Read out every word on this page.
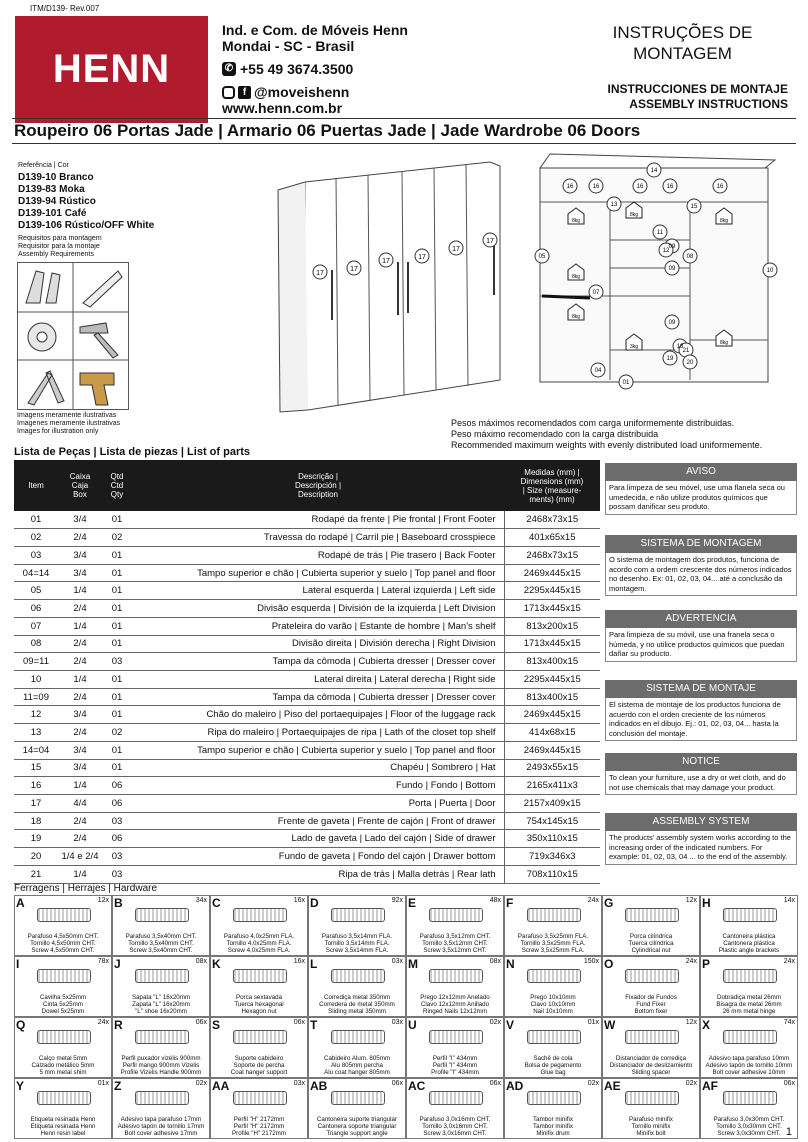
ITM/D139- Rev.007
HENN
Ind. e Com. de Móveis Henn
Mondai - SC - Brasil
✆ +55 49 3674.3500
f @moveishenn
www.henn.com.br
INSTRUÇÕES DE
MONTAGEM
INSTRUCCIONES DE MONTAJE
ASSEMBLY INSTRUCTIONS
Roupeiro 06 Portas Jade | Armario 06 Puertas Jade | Jade Wardrobe 06 Doors
Referência | Cor
D139-10 Branco
D139-83 Moka
D139-94 Rústico
D139-101 Café
D139-106 Rústico/OFF White
Requisitos para montagem
Requisitor para la montaje
Assembly Requirements
Imagens meramente ilustrativas
Imagenes meramente ilustrativas
Images for illustration only
17
17
17
17
17
17
14
16	16	16
16	16
13	15
05
07
09
09
09
08
10
04
01
18
19
21
11
12
20
8kg
8kg
8kg
8kg
8kg
8kg
3kg
Pesos máximos recomendados com carga uniformemente distribuidas.
Peso máximo recomendado con la carga distribuida
Recommended maximum weights with evenly distributed load uniformemente.
Lista de Peças | Lista de piezas | List of parts
Item	Caixa
Caja
Box	Qtd
Ctd
Qty	Descrição |
Descripción |
Description	Medidas (mm) |
Dimensions (mm)
| Size (measure-
ments) (mm)
01	3/4	01	Rodapé da frente | Pie frontal | Front Footer	2468x73x15
02	2/4	02	Travessa do rodapé | Carril pie | Baseboard crosspiece	401x65x15
03	3/4	01	Rodapé de trás | Pie trasero | Back Footer	2468x73x15
04=14	3/4	01	Tampo superior e chão | Cubierta superior y suelo | Top panel and floor	2469x445x15
05	1/4	01	Lateral esquerda | Lateral izquierda | Left side	2295x445x15
06	2/4	01	Divisão esquerda | División de la izquierda | Left Division	1713x445x15
07	1/4	01	Prateleira do varão | Estante de hombre | Man's shelf	813x200x15
08	2/4	01	Divisão direita | División derecha | Right Division	1713x445x15
09=11	2/4	03	Tampa da cômoda | Cubierta dresser | Dresser cover	813x400x15
10	1/4	01	Lateral direita | Lateral derecha | Right side	2295x445x15
11=09	2/4	01	Tampa da cômoda | Cubierta dresser | Dresser cover	813x400x15
12	3/4	01	Chão do maleiro | Piso del portaequipajes | Floor of the luggage rack	2469x445x15
13	2/4	02	Ripa do maleiro | Portaequipajes de ripa | Lath of the closet top shelf	414x68x15
14=04	3/4	01	Tampo superior e chão | Cubierta superior y suelo | Top panel and floor	2469x445x15
15	3/4	01	Chapéu | Sombrero | Hat	2493x55x15
16	1/4	06	Fundo | Fondo | Bottom	2165x411x3
17	4/4	06	Porta | Puerta | Door	2157x409x15
18	2/4	03	Frente de gaveta | Frente de cajón | Front of drawer	754x145x15
19	2/4	06	Lado de gaveta | Lado del cajón | Side of drawer	350x110x15
20	1/4 e 2/4	03	Fundo de gaveta | Fondo del cajón | Drawer bottom	719x346x3
21	1/4	03	Ripa de trás | Malla detrás | Rear lath	708x110x15
AVISO
Para limpeza de seu móvel, use uma flanela seca ou umedecida, e não utilize produtos químicos que possam danificar seu produto.
SISTEMA DE MONTAGEM
O sistema de montagem dos produtos, funciona de acordo com a ordem crescente dos números indicados no desenho. Ex: 01, 02, 03, 04... até a conclusão da montagem.
ADVERTENCIA
Para limpieza de su móvil, use una franela seca o húmeda, y no utilice productos químicos que puedan dañar su producto.
SISTEMA DE MONTAJE
El sistema de montaje de los productos funciona de acuerdo con el orden creciente de los números indicados en el dibujo. Ej.: 01, 02, 03, 04... hasta la conclusión del montaje.
NOTICE
To clean your furniture, use a dry or wet cloth, and do not use chemicals that may damage your product.
ASSEMBLY SYSTEM
The products' assembly system works according to the increasing order of the indicated numbers. For example: 01, 02, 03, 04 ... to the end of the assembly.
Ferragens | Herrajes | Hardware
A	12x
Parafuso 4,5x50mm CHT.
Tornillo 4,5x50mm CHT.
Screw 4,5x50mm CHT.
B	34x
Parafuso 3,5x40mm CHT.
Tornillo 3,5x40mm CHT.
Screw 3,5x40mm CHT.
C	16x
Parafuso 4,0x25mm FLA.
Tornillo 4,0x25mm FLA.
Screw 4,0x25mm FLA.
D	92x
Parafuso 3,5x14mm FLA.
Tornillo 3,5x14mm FLA.
Screw 3,5x14mm FLA.
E	48x
Parafuso 3,5x12mm CHT.
Tornillo 3,5x12mm CHT.
Screw 3,5x12mm CHT.
F	24x
Parafuso 3,5x25mm FLA.
Tornillo 3,5x25mm FLA.
Screw 3,5x25mm FLA.
G	12x
Porca cilíndrica
Tuerca cilíndrica
Cylindrical nut
H	14x
Cantoneira plástica
Cantonera plástica
Plastic angle brackets
I	78x
Cavilha 5x25mm
Cinta 5x25mm
Dowel 5x25mm
J	08x
Sapata "L" 16x20mm
Zapata "L" 16x20mm
"L" shoe 16x20mm
K	16x
Porca sextavada
Tuerca hexagonal
Hexagon nut
L	03x
Corrediça metal 350mm
Corredera de metal 350mm
Sliding metal 350mm
M	08x
Prego 12x12mm Anelado
Clavo 12x12mm Anillado
Ringed Nails 12x12mm
N	150x
Prego 10x10mm
Clavo 10x10mm
Nail 10x10mm
O	24x
Fixador de Fundos
Fund Fixer
Bottom fixer
P	24x
Dobradiça metal 26mm
Bisagra de metal 26mm
26 mm metal hinge
Q	24x
Calço metal 5mm
Calzado metálico 5mm
5 mm metal shim
R	06x
Perfil puxador vizélis 900mm
Perfil mango 900mm Vizelis
Profile Vizelis Handle 900mm
S	06x
Suporte cabideiro
Soporte de percha
Coat hanger support
T	03x
Cabideiro Alum. 805mm
Alu 805mm percha
Alu coat hanger 805mm
U	02x
Perfil "I" 434mm
Perfil "I" 434mm
Profile "I" 434mm
V	01x
Sachê de cola
Bolsa de pegamento
Glue bag
W	12x
Distanciador de corrediça
Distanciador de deslizamiento
Sliding spacer
X	74x
Adesivo tapa parafuso 10mm
Adesivo tapón de tornillo 10mm
Bolt cover adhesive 10mm
Y	01x
Etiqueta resinada Henn
Etiqueta resinada Henn
Henn resin label
Z	02x
Adesivo tapa parafuso 17mm
Adesivo tapón de tornillo 17mm
Bolt cover adhesive 17mm
AA	03x
Perfil "H" 2172mm
Perfil "H" 2172mm
Profile "H" 2172mm
AB	06x
Cantoneira suporte triangular
Cantonera soporte triangular
Triangle support angle
AC	06x
Parafuso 3,0x16mm CHT.
Tornillo 3,0x16mm CHT.
Screw 3,0x16mm CHT.
AD	02x
Tambor minifix
Tambor minifix
Minifix drum
AE	02x
Parafuso minifix
Tornillo minifix
Minifix bolt
AF	06x
Parafuso 3,0x30mm CHT.
Tornillo 3,0x30mm CHT.
Screw 3,0x30mm CHT. 1
